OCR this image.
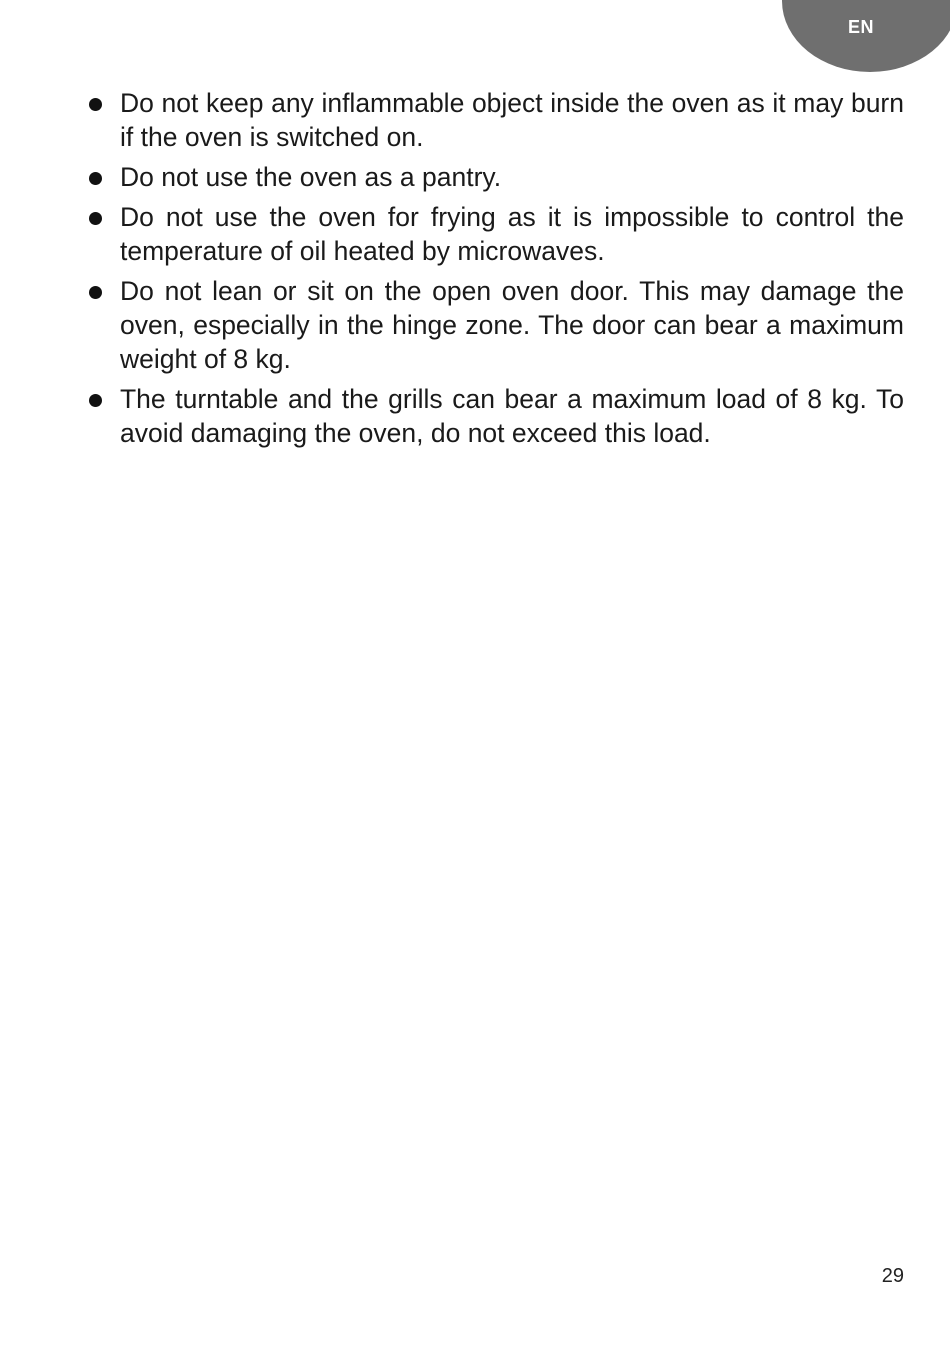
EN
Do not keep any inflammable object inside the oven as it may burn if the oven is switched on.
Do not use the oven as a pantry.
Do not use the oven for frying as it is impossible to control the temperature of oil heated by microwaves.
Do not lean or sit on the open oven door. This may damage the oven, especially in the hinge zone. The door can bear a maximum weight of 8 kg.
The turntable and the grills can bear a maximum load of 8 kg. To avoid damaging the oven, do not exceed this load.
29
